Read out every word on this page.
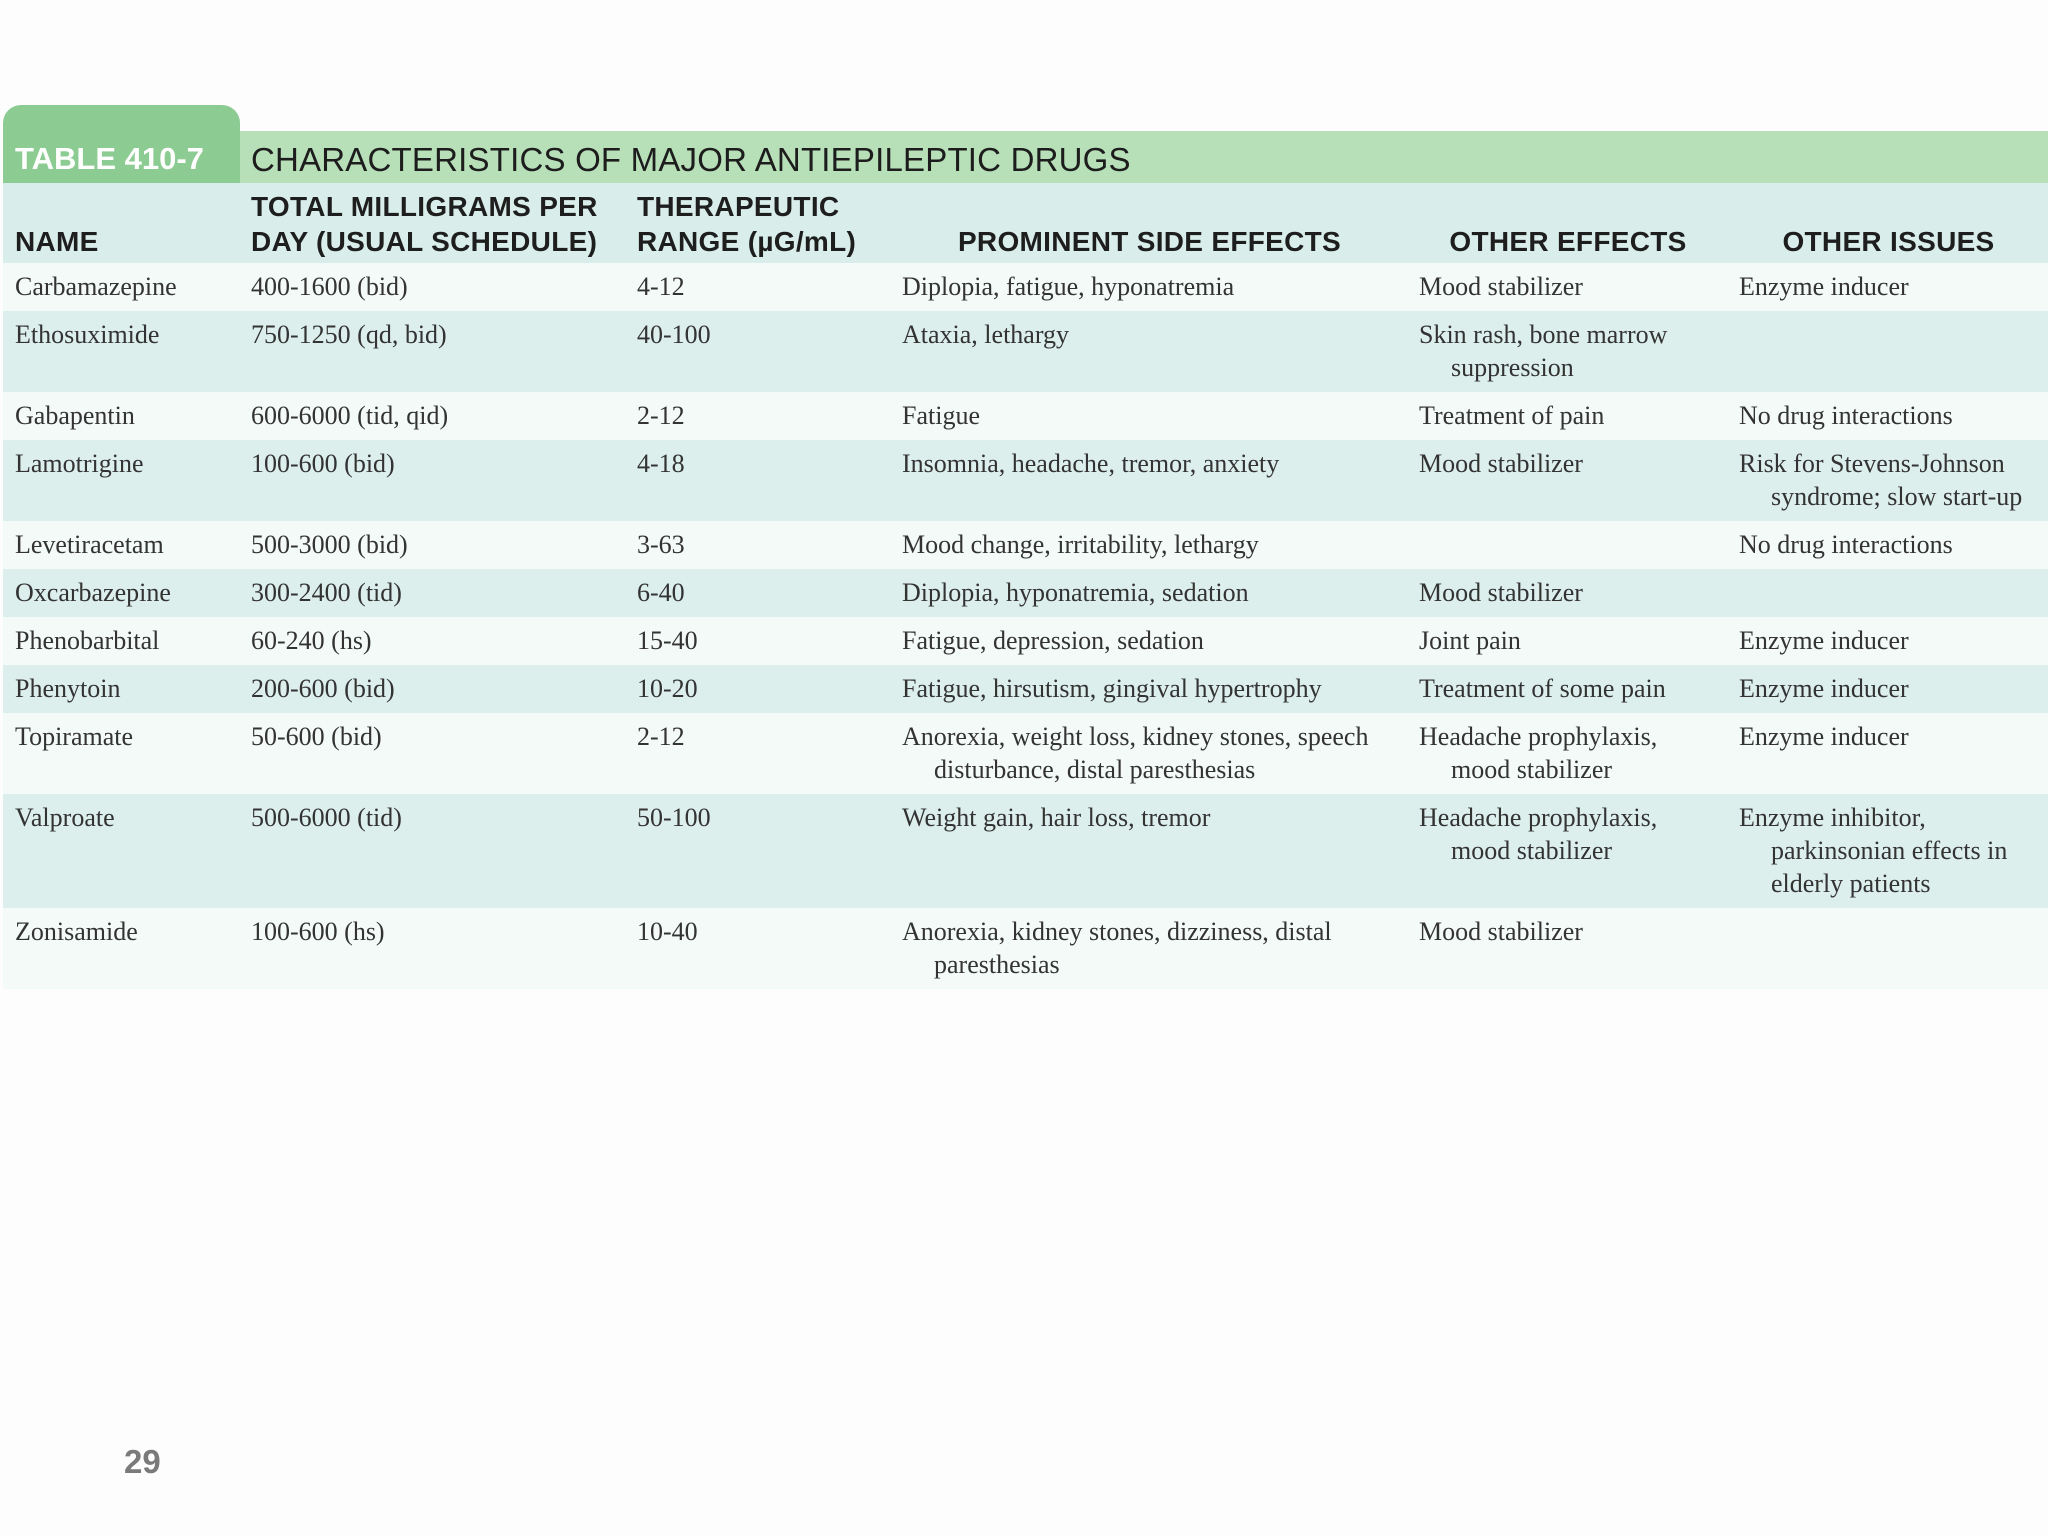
TABLE 410-7 CHARACTERISTICS OF MAJOR ANTIEPILEPTIC DRUGS
NAME	TOTAL MILLIGRAMS PER DAY (USUAL SCHEDULE)	THERAPEUTIC RANGE (µG/mL)	PROMINENT SIDE EFFECTS	OTHER EFFECTS	OTHER ISSUES
Carbamazepine	400-1600 (bid)	4-12	Diplopia, fatigue, hyponatremia	Mood stabilizer	Enzyme inducer
Ethosuximide	750-1250 (qd, bid)	40-100	Ataxia, lethargy	Skin rash, bone marrow suppression	
Gabapentin	600-6000 (tid, qid)	2-12	Fatigue	Treatment of pain	No drug interactions
Lamotrigine	100-600 (bid)	4-18	Insomnia, headache, tremor, anxiety	Mood stabilizer	Risk for Stevens-Johnson syndrome; slow start-up
Levetiracetam	500-3000 (bid)	3-63	Mood change, irritability, lethargy		No drug interactions
Oxcarbazepine	300-2400 (tid)	6-40	Diplopia, hyponatremia, sedation	Mood stabilizer	
Phenobarbital	60-240 (hs)	15-40	Fatigue, depression, sedation	Joint pain	Enzyme inducer
Phenytoin	200-600 (bid)	10-20	Fatigue, hirsutism, gingival hypertrophy	Treatment of some pain	Enzyme inducer
Topiramate	50-600 (bid)	2-12	Anorexia, weight loss, kidney stones, speech disturbance, distal paresthesias	Headache prophylaxis, mood stabilizer	Enzyme inducer
Valproate	500-6000 (tid)	50-100	Weight gain, hair loss, tremor	Headache prophylaxis, mood stabilizer	Enzyme inhibitor, parkinsonian effects in elderly patients
Zonisamide	100-600 (hs)	10-40	Anorexia, kidney stones, dizziness, distal paresthesias	Mood stabilizer	
29
